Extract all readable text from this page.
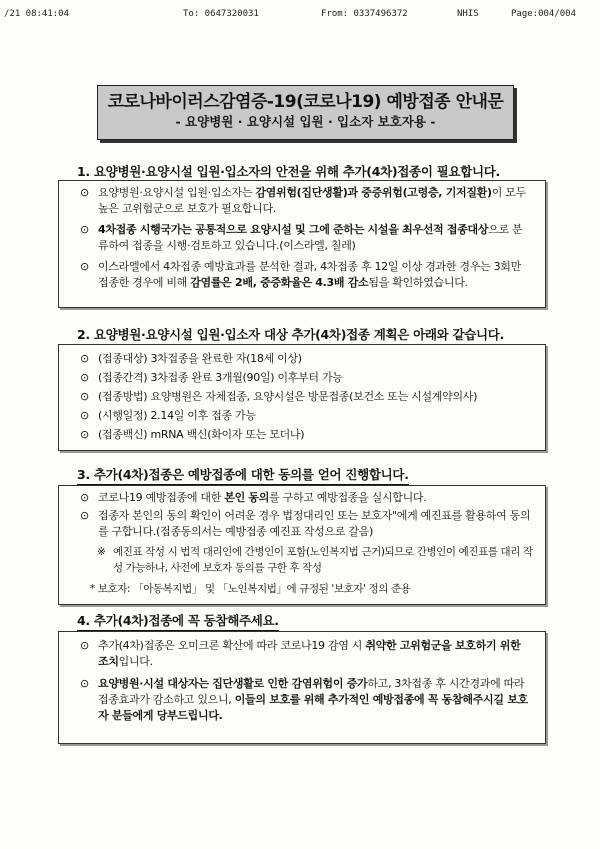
/21 08:41:04	To: 0647320031	From: 0337496372	NHIS	Page:004/004
코로나바이러스감염증-19(코로나19) 예방접종 안내문
- 요양병원 · 요양시설 입원 · 입소자 보호자용 -
1. 요양병원·요양시설 입원·입소자의 안전을 위해 추가(4차)접종이 필요합니다.
⊙ 요양병원·요양시설 입원·입소자는 감염위험(집단생활)과 중증위험(고령층, 기저질환)이 모두 높은 고위험군으로 보호가 필요합니다.
⊙ 4차접종 시행국가는 공통적으로 요양시설 및 그에 준하는 시설을 최우선적 접종대상으로 분류하여 접종을 시행·검토하고 있습니다.(이스라엘, 칠레)
⊙ 이스라엘에서 4차접종 예방효과를 분석한 결과, 4차접종 후 12일 이상 경과한 경우는 3회만 접종한 경우에 비해 감염률은 2배, 중증화율은 4.3배 감소됨을 확인하였습니다.
2. 요양병원·요양시설 입원·입소자 대상 추가(4차)접종 계획은 아래와 같습니다.
⊙ (접종대상) 3차접종을 완료한 자(18세 이상)
⊙ (접종간격) 3차접종 완료 3개월(90일) 이후부터 가능
⊙ (접종방법) 요양병원은 자체접종, 요양시설은 방문접종(보건소 또는 시설계약의사)
⊙ (시행일정) 2.14일 이후 접종 가능
⊙ (접종백신) mRNA 백신(화이자 또는 모더나)
3. 추가(4차)접종은 예방접종에 대한 동의를 얻어 진행합니다.
⊙ 코로나19 예방접종에 대한 본인 동의를 구하고 예방접종을 실시합니다.
⊙ 접종자 본인의 동의 확인이 어려운 경우 법정대리인 또는 보호자"에게 예진표를 활용하여 동의를 구합니다.(접종동의서는 예방접종 예진표 작성으로 갈음)
※ 예진표 작성 시 법적 대리인에 간병인이 포함(노인복지법 근거)되므로 간병인이 예진표를 대리 작성 가능하나, 사전에 보호자 동의를 구한 후 작성
* 보호자: 「아동복지법」 및 「노인복지법」에 규정된 '보호자' 정의 준용
4. 추가(4차)접종에 꼭 동참해주세요.
⊙ 추가(4차)접종은 오미크론 확산에 따라 코로나19 감염 시 취약한 고위험군을 보호하기 위한 조치입니다.
⊙ 요양병원·시설 대상자는 집단생활로 인한 감염위험이 증가하고, 3차접종 후 시간경과에 따라 접종효과가 감소하고 있으니, 이들의 보호를 위해 추가적인 예방접종에 꼭 동참해주시길 보호자 분들에게 당부드립니다.
